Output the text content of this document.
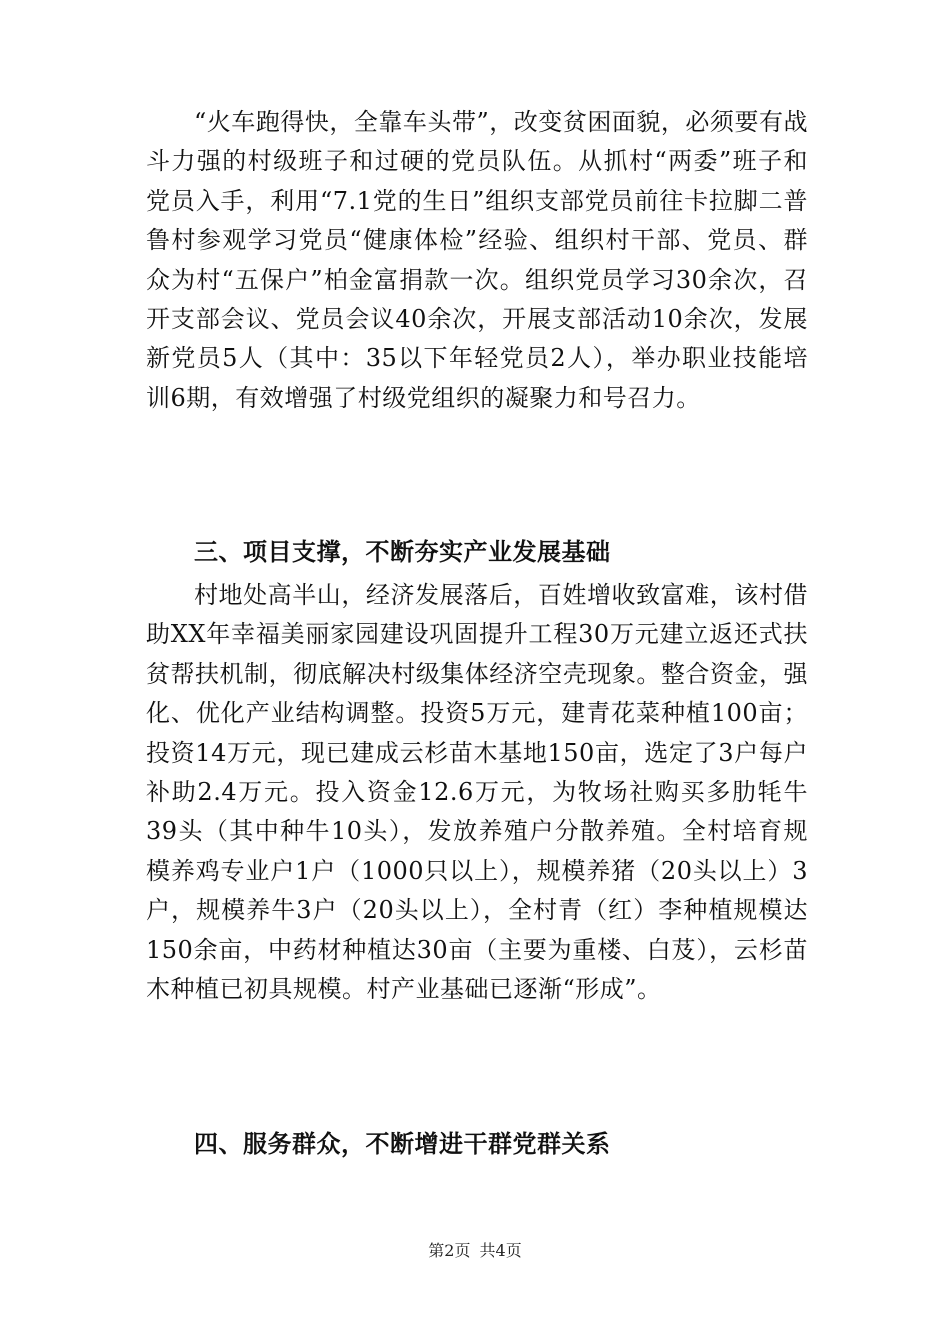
“火车跑得快，全靠车头带”，改变贫困面貌，必须要有战斗力强的村级班子和过硬的党员队伍。从抓村“两委”班子和党员入手，利用“7.1党的生日”组织支部党员前往卡拉脚二普鲁村参观学习党员“健康体检”经验、组织村干部、党员、群众为村“五保户”柏金富捐款一次。组织党员学习30余次，召开支部会议、党员会议40余次，开展支部活动10余次，发展新党员5人（其中：35以下年轻党员2人），举办职业技能培训6期，有效增强了村级党组织的凝聚力和号召力。

三、项目支撑，不断夯实产业发展基础

村地处高半山，经济发展落后，百姓增收致富难，该村借助XX年幸福美丽家园建设巩固提升工程30万元建立返还式扶贫帮扶机制，彻底解决村级集体经济空壳现象。整合资金，强化、优化产业结构调整。投资5万元，建青花菜种植100亩；投资14万元，现已建成云杉苗木基地150亩，选定了3户每户补助2.4万元。投入资金12.6万元，为牧场社购买多肋牦牛39头（其中种牛10头），发放养殖户分散养殖。全村培育规模养鸡专业户1户（1000只以上），规模养猪（20头以上）3户，规模养牛3户（20头以上），全村青（红）李种植规模达150余亩，中药材种植达30亩（主要为重楼、白芨），云杉苗木种植已初具规模。村产业基础已逐渐“形成”。

四、服务群众，不断增进干群党群关系
第2页 共4页
